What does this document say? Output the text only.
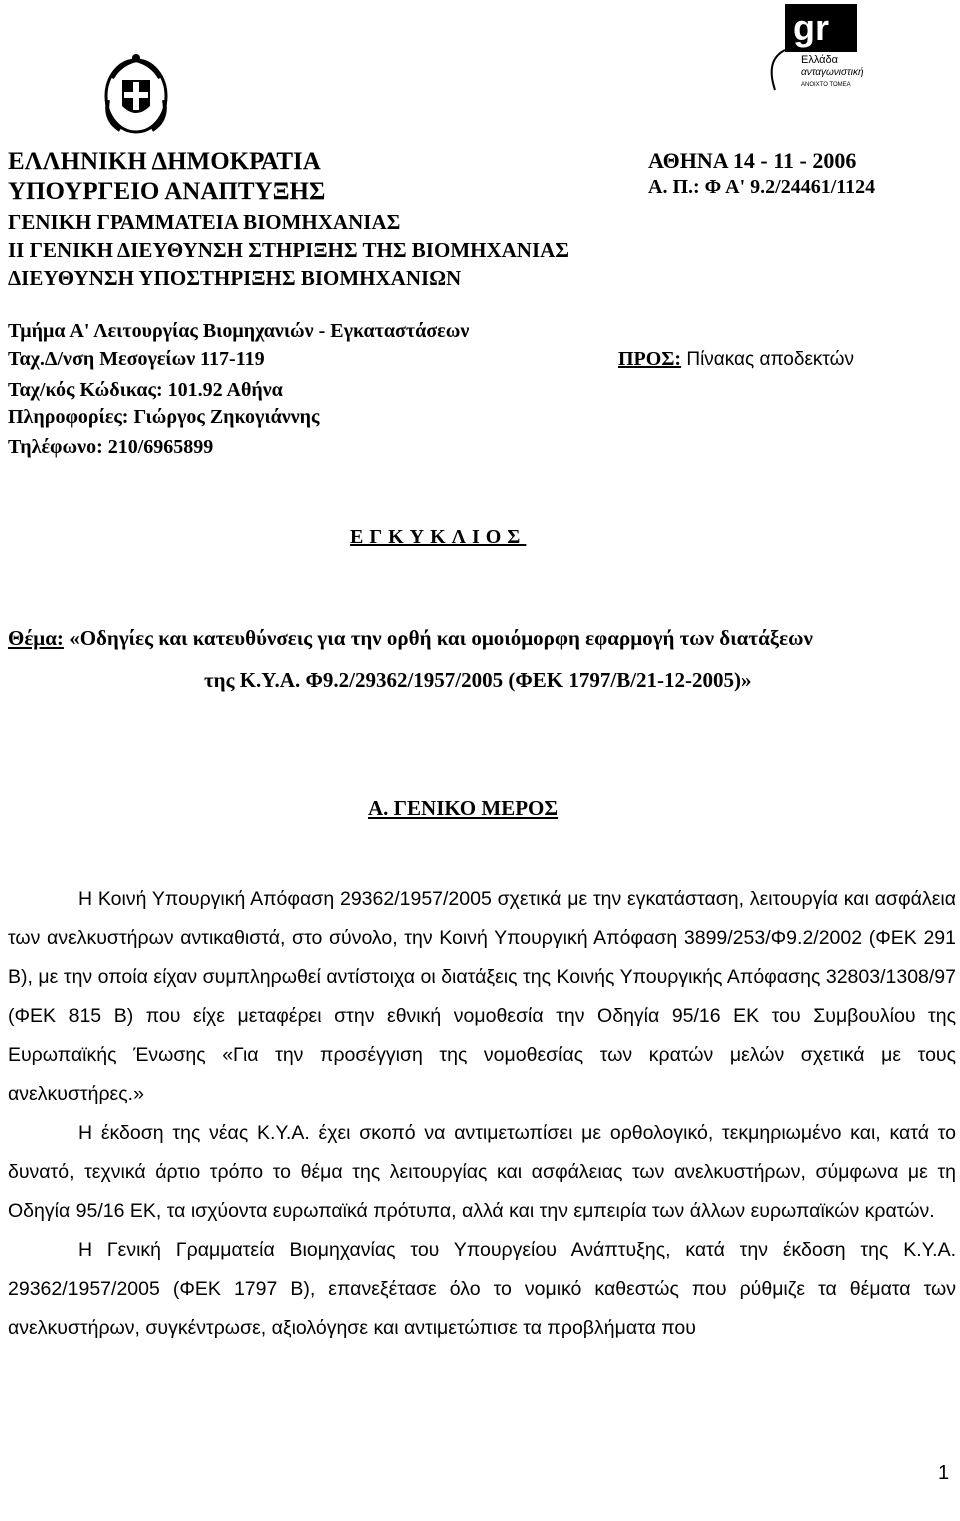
gr
Ελλάδα
ανταγωνιστική
ΑΝΟΙΧΤΟ ΤΟΜΕΑ
ΕΛΛΗΝΙΚΗ ΔΗΜΟΚΡΑΤΙΑ
ΥΠΟΥΡΓΕΙΟ ΑΝΑΠΤΥΞΗΣ
ΓΕΝΙΚΗ ΓΡΑΜΜΑΤΕΙΑ ΒΙΟΜΗΧΑΝΙΑΣ
ΙΙ ΓΕΝΙΚΗ ΔΙΕΥΘΥΝΣΗ ΣΤΗΡΙΞΗΣ ΤΗΣ ΒΙΟΜΗΧΑΝΙΑΣ
ΔΙΕΥΘΥΝΣΗ ΥΠΟΣΤΗΡΙΞΗΣ ΒΙΟΜΗΧΑΝΙΩΝ
ΑΘΗΝΑ 14 - 11 - 2006
Α. Π.: Φ Α' 9.2/24461/1124
Τμήμα Α' Λειτουργίας Βιομηχανιών - Εγκαταστάσεων
Ταχ.Δ/νση Μεσογείων 117-119
Ταχ/κός Κώδικας: 101.92 Αθήνα
Πληροφορίες: Γιώργος Ζηκογιάννης
Τηλέφωνο: 210/6965899
ΠΡΟΣ: Πίνακας αποδεκτών
ΕΓΚΥΚΛΙΟΣ
Θέμα: «Οδηγίες και κατευθύνσεις για την ορθή και ομοιόμορφη εφαρμογή των διατάξεων
της Κ.Υ.Α. Φ9.2/29362/1957/2005 (ΦΕΚ 1797/Β/21-12-2005)»
Α. ΓΕΝΙΚΟ ΜΕΡΟΣ

Η Κοινή Υπουργική Απόφαση 29362/1957/2005 σχετικά με την εγκατάσταση, λειτουργία και ασφάλεια των ανελκυστήρων αντικαθιστά, στο σύνολο, την Κοινή Υπουργική Απόφαση 3899/253/Φ9.2/2002 (ΦΕΚ 291 Β), με την οποία είχαν συμπληρωθεί αντίστοιχα οι διατάξεις της Κοινής Υπουργικής Απόφασης 32803/1308/97 (ΦΕΚ 815 Β) που είχε μεταφέρει στην εθνική νομοθεσία την Οδηγία 95/16 ΕΚ του Συμβουλίου της Ευρωπαϊκής Ένωσης «Για την προσέγγιση της νομοθεσίας των κρατών μελών σχετικά με τους ανελκυστήρες.»

Η έκδοση της νέας Κ.Υ.Α. έχει σκοπό να αντιμετωπίσει με ορθολογικό, τεκμηριωμένο και, κατά το δυνατό, τεχνικά άρτιο τρόπο το θέμα της λειτουργίας και ασφάλειας των ανελκυστήρων, σύμφωνα με τη Οδηγία 95/16 ΕΚ, τα ισχύοντα ευρωπαϊκά πρότυπα, αλλά και την εμπειρία των άλλων ευρωπαϊκών κρατών.

Η Γενική Γραμματεία Βιομηχανίας του Υπουργείου Ανάπτυξης, κατά την έκδοση της Κ.Υ.Α. 29362/1957/2005 (ΦΕΚ 1797 Β), επανεξέτασε όλο το νομικό καθεστώς που ρύθμιζε τα θέματα των ανελκυστήρων, συγκέντρωσε, αξιολόγησε και αντιμετώπισε τα προβλήματα που

1
